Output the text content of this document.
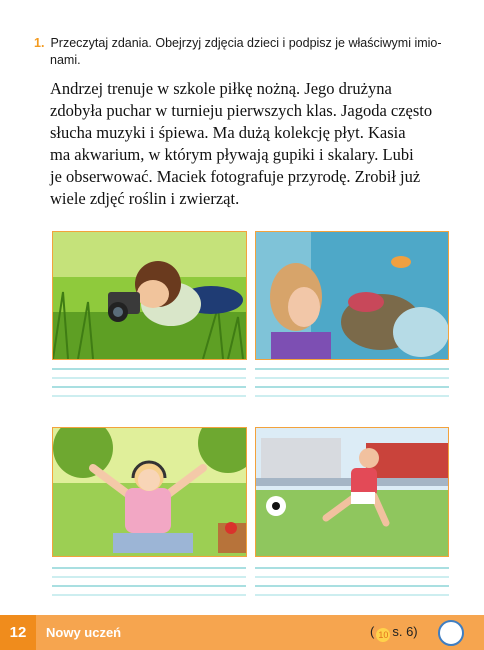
1. Przeczytaj zdania. Obejrzyj zdjęcia dzieci i podpisz je właściwymi imio-
nami.

Andrzej trenuje w szkole piłkę nożną. Jego drużyna

zdobyła puchar w turnieju pierwszych klas. Jagoda często

słucha muzyki i śpiewa. Ma dużą kolekcję płyt. Kasia

ma akwarium, w którym pływają gupiki i skalary. Lubi

je obserwować. Maciek fotografuje przyrodę. Zrobił już

wiele zdjęć roślin i zwierząt.

12	Nowy uczeń	( 10 s. 6)
